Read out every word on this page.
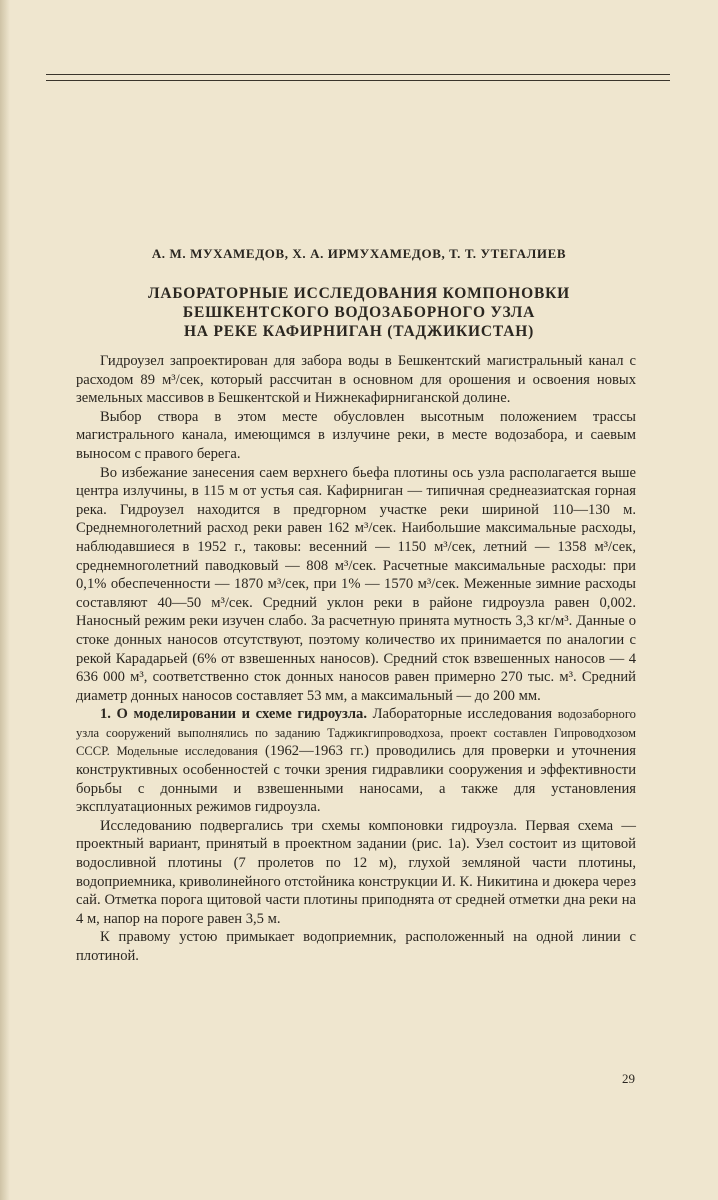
А. М. МУХАМЕДОВ, Х. А. ИРМУХАМЕДОВ, Т. Т. УТЕГАЛИЕВ
ЛАБОРАТОРНЫЕ ИССЛЕДОВАНИЯ КОМПОНОВКИ
БЕШКЕНТСКОГО ВОДОЗАБОРНОГО УЗЛА
НА РЕКЕ КАФИРНИГАН (ТАДЖИКИСТАН)

Гидроузел запроектирован для забора воды в Бешкентский магистральный канал с расходом 89 м³/сек, который рассчитан в основном для орошения и освоения новых земельных массивов в Бешкентской и Нижнекафирниганской долине.

Выбор створа в этом месте обусловлен высотным положением трассы магистрального канала, имеющимся в излучине реки, в месте водозабора, и саевым выносом с правого берега.

Во избежание занесения саем верхнего бьефа плотины ось узла располагается выше центра излучины, в 115 м от устья сая. Кафирниган — типичная среднеазиатская горная река. Гидроузел находится в предгорном участке реки шириной 110—130 м. Среднемноголетний расход реки равен 162 м³/сек. Наибольшие максимальные расходы, наблюдавшиеся в 1952 г., таковы: весенний — 1150 м³/сек, летний — 1358 м³/сек, среднемноголетний паводковый — 808 м³/сек. Расчетные максимальные расходы: при 0,1% обеспеченности — 1870 м³/сек, при 1% — 1570 м³/сек. Меженные зимние расходы составляют 40—50 м³/сек. Средний уклон реки в районе гидроузла равен 0,002. Наносный режим реки изучен слабо. За расчетную принята мутность 3,3 кг/м³. Данные о стоке донных наносов отсутствуют, поэтому количество их принимается по аналогии с рекой Карадарьей (6% от взвешенных наносов). Средний сток взвешенных наносов — 4 636 000 м³, соответственно сток донных наносов равен примерно 270 тыс. м³. Средний диаметр донных наносов составляет 53 мм, а максимальный — до 200 мм.

1. О моделировании и схеме гидроузла. Лабораторные исследования водозаборного узла сооружений выполнялись по заданию Таджикгипроводхоза, проект составлен Гипроводхозом СССР. Модельные исследования (1962—1963 гг.) проводились для проверки и уточнения конструктивных особенностей с точки зрения гидравлики сооружения и эффективности борьбы с донными и взвешенными наносами, а также для установления эксплуатационных режимов гидроузла.

Исследованию подвергались три схемы компоновки гидроузла. Первая схема — проектный вариант, принятый в проектном задании (рис. 1а). Узел состоит из щитовой водосливной плотины (7 пролетов по 12 м), глухой земляной части плотины, водоприемника, криволинейного отстойника конструкции И. К. Никитина и дюкера через сай. Отметка порога щитовой части плотины приподнята от средней отметки дна реки на 4 м, напор на пороге равен 3,5 м.

К правому устою примыкает водоприемник, расположенный на одной линии с плотиной.

29
